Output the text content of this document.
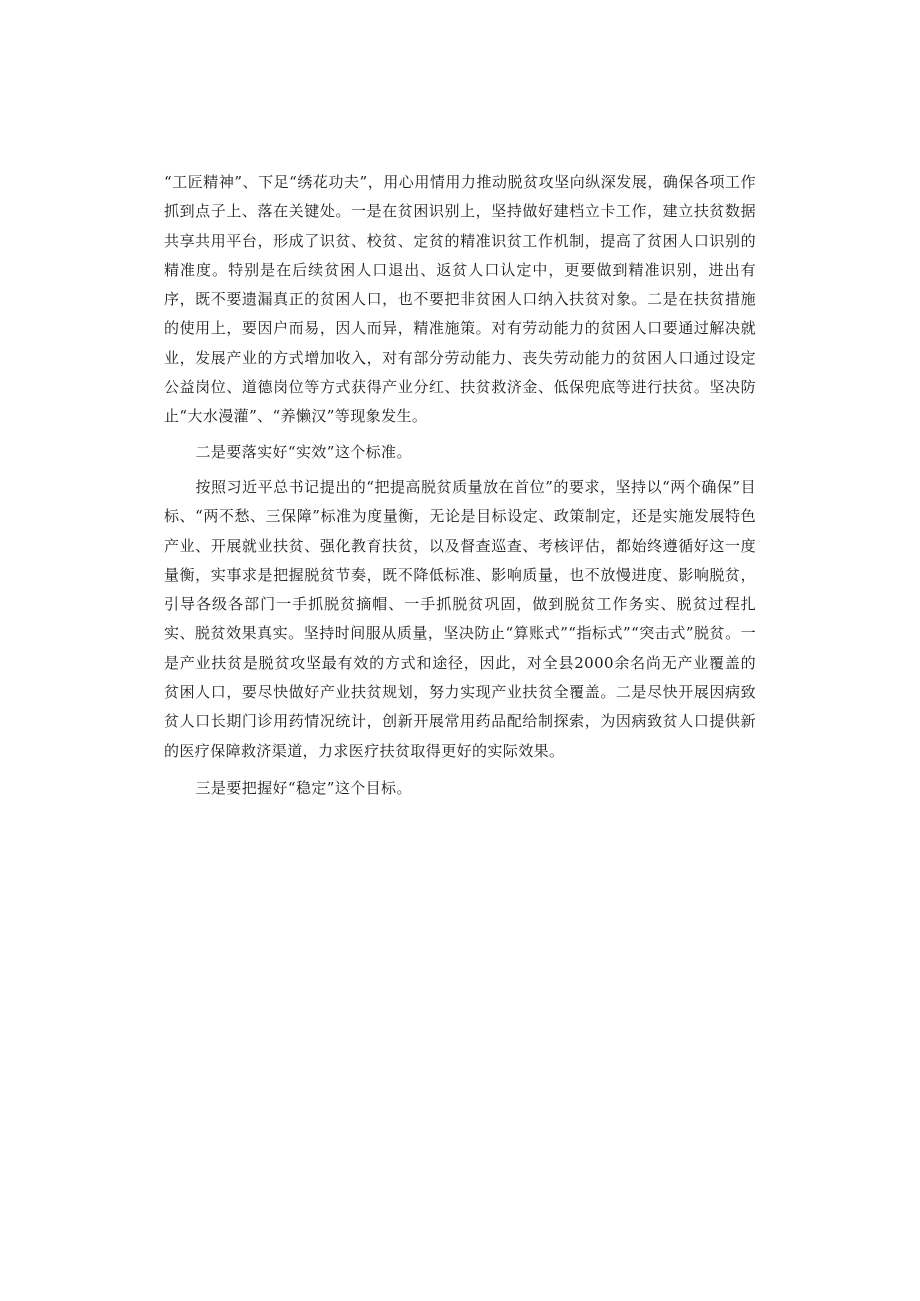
“工匠精神”、下足“绣花功夫”，用心用情用力推动脱贫攻坚向纵深发展，确保各项工作抓到点子上、落在关键处。一是在贫困识别上，坚持做好建档立卡工作，建立扶贫数据共享共用平台，形成了识贫、校贫、定贫的精准识贫工作机制，提高了贫困人口识别的精准度。特别是在后续贫困人口退出、返贫人口认定中，更要做到精准识别，进出有序，既不要遗漏真正的贫困人口，也不要把非贫困人口纳入扶贫对象。二是在扶贫措施的使用上，要因户而易，因人而异，精准施策。对有劳动能力的贫困人口要通过解决就业，发展产业的方式增加收入，对有部分劳动能力、丧失劳动能力的贫困人口通过设定公益岗位、道德岗位等方式获得产业分红、扶贫救济金、低保兜底等进行扶贫。坚决防止“大水漫灌”、“养懒汉”等现象发生。

二是要落实好“实效”这个标准。

按照习近平总书记提出的“把提高脱贫质量放在首位”的要求，坚持以“两个确保”目标、“两不愁、三保障”标准为度量衡，无论是目标设定、政策制定，还是实施发展特色产业、开展就业扶贫、强化教育扶贫，以及督查巡查、考核评估，都始终遵循好这一度量衡，实事求是把握脱贫节奏，既不降低标准、影响质量，也不放慢进度、影响脱贫，引导各级各部门一手抓脱贫摘帽、一手抓脱贫巩固，做到脱贫工作务实、脱贫过程扎实、脱贫效果真实。坚持时间服从质量，坚决防止“算账式”“指标式”“突击式”脱贫。一是产业扶贫是脱贫攻坚最有效的方式和途径，因此，对全县2000余名尚无产业覆盖的贫困人口，要尽快做好产业扶贫规划，努力实现产业扶贫全覆盖。二是尽快开展因病致贫人口长期门诊用药情况统计，创新开展常用药品配给制探索，为因病致贫人口提供新的医疗保障救济渠道，力求医疗扶贫取得更好的实际效果。

三是要把握好“稳定”这个目标。
